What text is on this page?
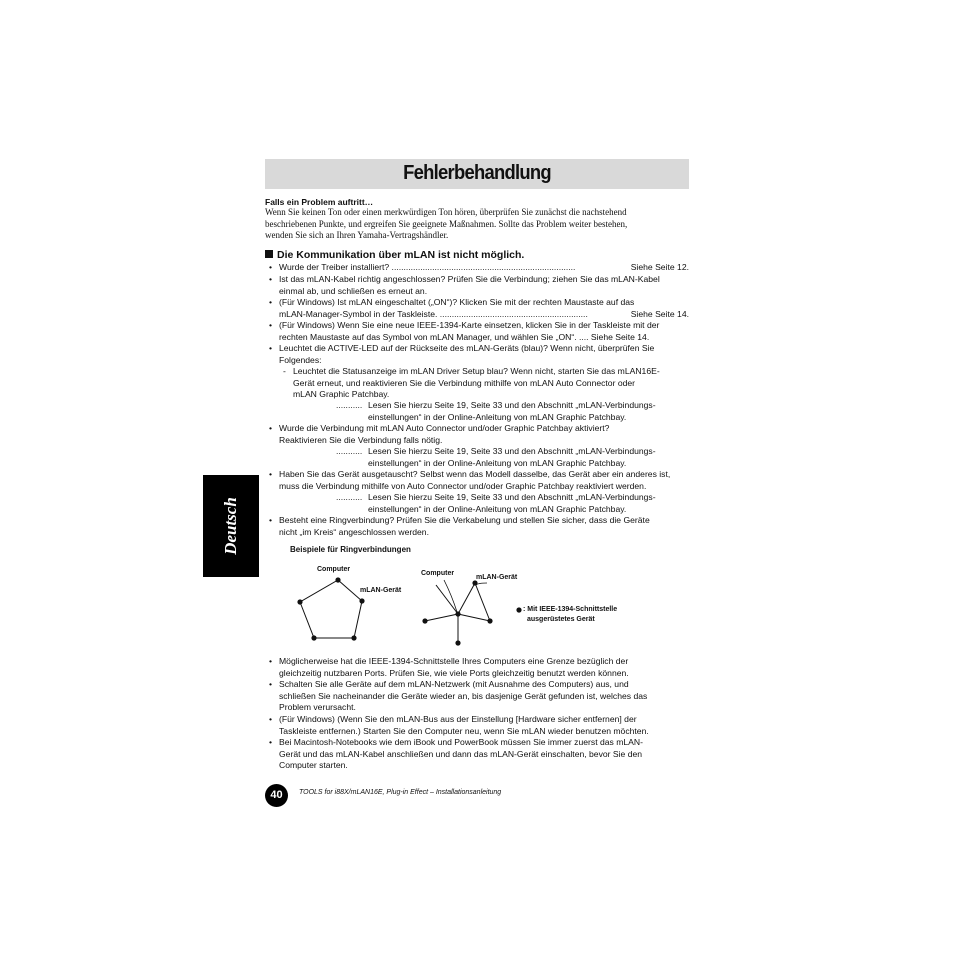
Fehlerbehandlung
Deutsch
Falls ein Problem auftritt…
Wenn Sie keinen Ton oder einen merkwürdigen Ton hören, überprüfen Sie zunächst die nachstehend
beschriebenen Punkte, und ergreifen Sie geeignete Maßnahmen. Sollte das Problem weiter bestehen,
wenden Sie sich an Ihren Yamaha-Vertragshändler.
Die Kommunikation über mLAN ist nicht möglich.
• Wurde der Treiber installiert? .............................................................................	Siehe Seite 12.
• Ist das mLAN-Kabel richtig angeschlossen? Prüfen Sie die Verbindung; ziehen Sie das mLAN-Kabel
einmal ab, und schließen es erneut an.
• (Für Windows) Ist mLAN eingeschaltet („ON“)? Klicken Sie mit der rechten Maustaste auf das
mLAN-Manager-Symbol in der Taskleiste. ..............................................................	Siehe Seite 14.
• (Für Windows) Wenn Sie eine neue IEEE-1394-Karte einsetzen, klicken Sie in der Taskleiste mit der
rechten Maustaste auf das Symbol von mLAN Manager, und wählen Sie „ON“. .... Siehe Seite 14.
• Leuchtet die ACTIVE-LED auf der Rückseite des mLAN-Geräts (blau)? Wenn nicht, überprüfen Sie
Folgendes:
- Leuchtet die Statusanzeige im mLAN Driver Setup blau? Wenn nicht, starten Sie das mLAN16E-
Gerät erneut, und reaktivieren Sie die Verbindung mithilfe von mLAN Auto Connector oder
mLAN Graphic Patchbay.
........... Lesen Sie hierzu Seite 19, Seite 33 und den Abschnitt „mLAN-Verbindungs-
einstellungen“ in der Online-Anleitung von mLAN Graphic Patchbay.
• Wurde die Verbindung mit mLAN Auto Connector und/oder Graphic Patchbay aktiviert?
Reaktivieren Sie die Verbindung falls nötig.
........... Lesen Sie hierzu Seite 19, Seite 33 und den Abschnitt „mLAN-Verbindungs-
einstellungen“ in der Online-Anleitung von mLAN Graphic Patchbay.
• Haben Sie das Gerät ausgetauscht? Selbst wenn das Modell dasselbe, das Gerät aber ein anderes ist,
muss die Verbindung mithilfe von Auto Connector und/oder Graphic Patchbay reaktiviert werden.
........... Lesen Sie hierzu Seite 19, Seite 33 und den Abschnitt „mLAN-Verbindungs-
einstellungen“ in der Online-Anleitung von mLAN Graphic Patchbay.
• Besteht eine Ringverbindung? Prüfen Sie die Verkabelung und stellen Sie sicher, dass die Geräte
nicht „im Kreis“ angeschlossen werden.
Beispiele für Ringverbindungen
Computer
mLAN-Gerät
Computer
mLAN-Gerät
: Mit IEEE-1394-Schnittstelle
ausgerüstetes Gerät
• Möglicherweise hat die IEEE-1394-Schnittstelle Ihres Computers eine Grenze bezüglich der
gleichzeitig nutzbaren Ports. Prüfen Sie, wie viele Ports gleichzeitig benutzt werden können.
• Schalten Sie alle Geräte auf dem mLAN-Netzwerk (mit Ausnahme des Computers) aus, und
schließen Sie nacheinander die Geräte wieder an, bis dasjenige Gerät gefunden ist, welches das
Problem verursacht.
• (Für Windows) (Wenn Sie den mLAN-Bus aus der Einstellung [Hardware sicher entfernen] der
Taskleiste entfernen.) Starten Sie den Computer neu, wenn Sie mLAN wieder benutzen möchten.
• Bei Macintosh-Notebooks wie dem iBook und PowerBook müssen Sie immer zuerst das mLAN-
Gerät und das mLAN-Kabel anschließen und dann das mLAN-Gerät einschalten, bevor Sie den
Computer starten.
40	TOOLS for i88X/mLAN16E, Plug-in Effect – Installationsanleitung
